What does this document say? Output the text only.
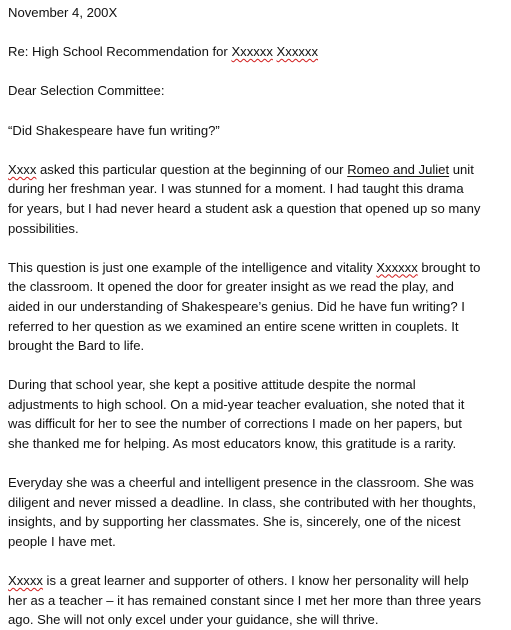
November 4, 200X
Re: High School Recommendation for Xxxxxx Xxxxxx
Dear Selection Committee:
“Did Shakespeare have fun writing?”
Xxxx asked this particular question at the beginning of our Romeo and Juliet unit
during her freshman year. I was stunned for a moment. I had taught this drama
for years, but I had never heard a student ask a question that opened up so many
possibilities.
This question is just one example of the intelligence and vitality Xxxxxx brought to
the classroom. It opened the door for greater insight as we read the play, and
aided in our understanding of Shakespeare’s genius. Did he have fun writing? I
referred to her question as we examined an entire scene written in couplets. It
brought the Bard to life.
During that school year, she kept a positive attitude despite the normal
adjustments to high school. On a mid-year teacher evaluation, she noted that it
was difficult for her to see the number of corrections I made on her papers, but
she thanked me for helping. As most educators know, this gratitude is a rarity.
Everyday she was a cheerful and intelligent presence in the classroom. She was
diligent and never missed a deadline. In class, she contributed with her thoughts,
insights, and by supporting her classmates. She is, sincerely, one of the nicest
people I have met.
Xxxxx is a great learner and supporter of others. I know her personality will help
her as a teacher – it has remained constant since I met her more than three years
ago. She will not only excel under your guidance, she will thrive.
